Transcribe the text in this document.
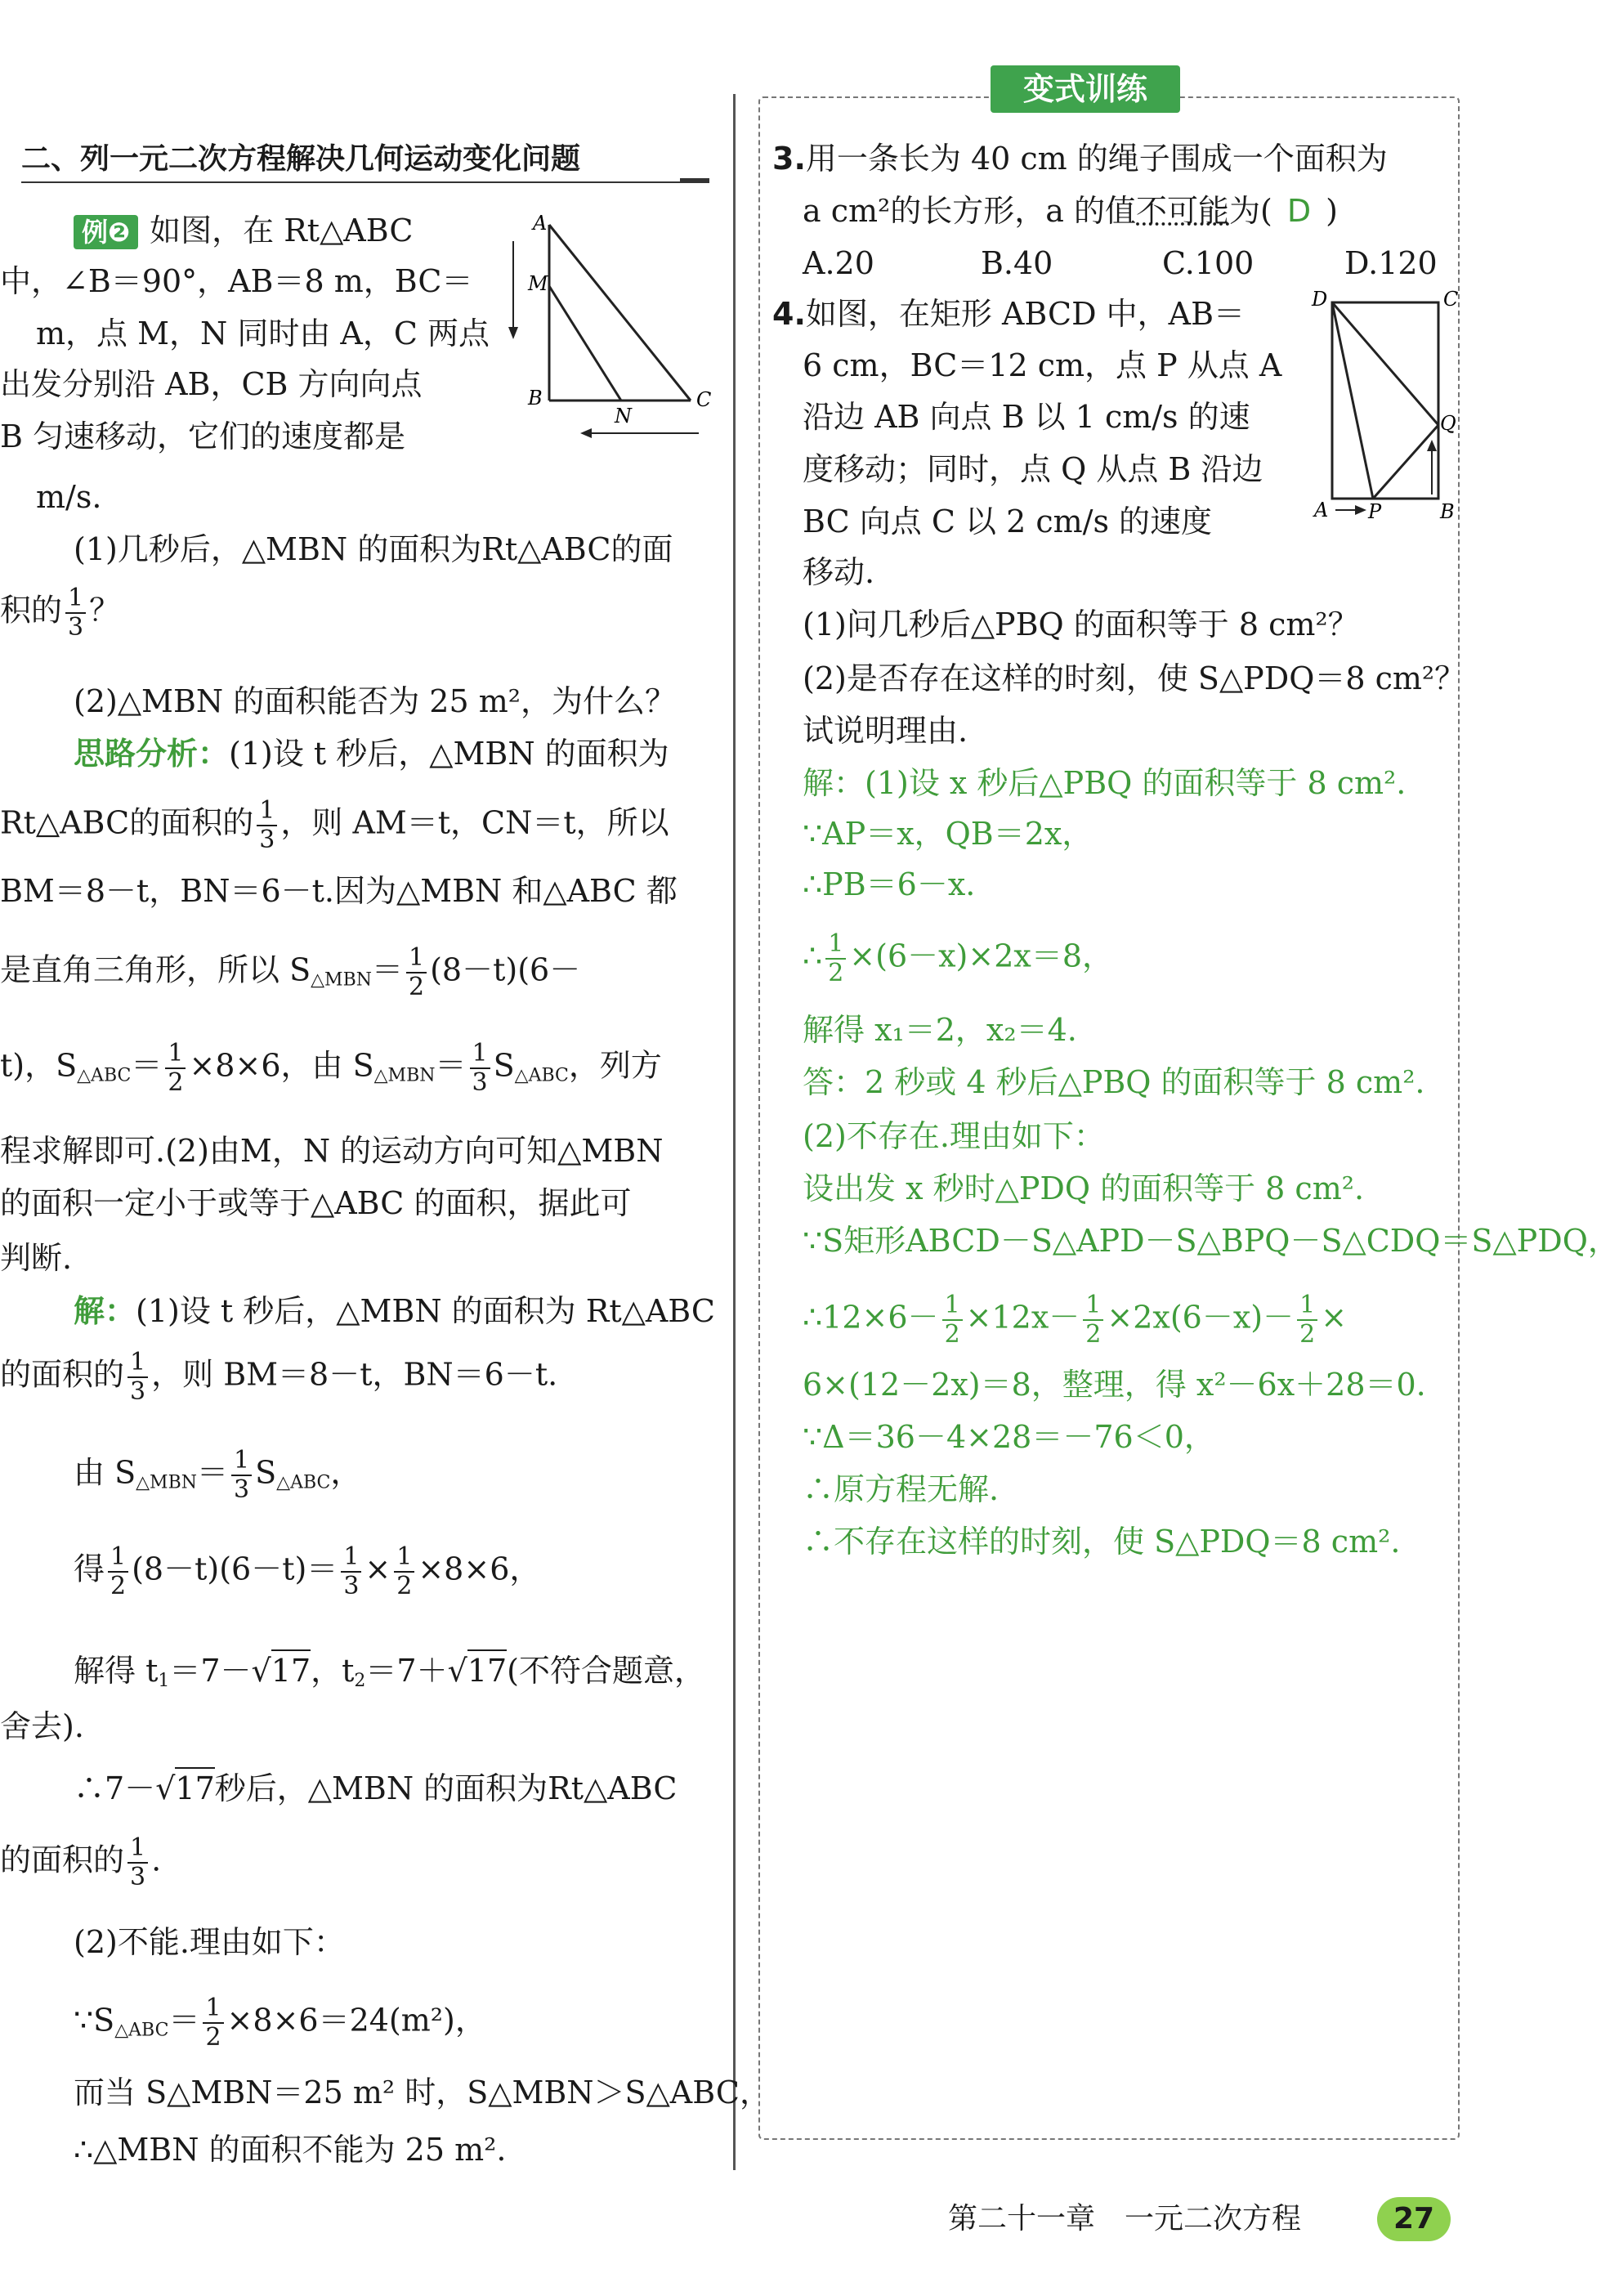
变式训练
二、列一元二次方程解决几何运动变化问题
例❷ 如图，在 Rt△ABC
中，∠B＝90°，AB＝8 m，BC＝
m，点 M，N 同时由 A，C 两点
出发分别沿 AB，CB 方向向点
B 匀速移动，它们的速度都是
m/s.
A
M
B
N
C
(1)几秒后，△MBN 的面积为Rt△ABC的面
积的 $\frac{1}{3}$ ？
(2)△MBN 的面积能否为 25 m²，为什么？
思路分析：(1)设 t 秒后，△MBN 的面积为
Rt△ABC的面积的 $\frac{1}{3}$ ，则 AM＝t，CN＝t，所以
BM＝8－t，BN＝6－t.因为△MBN 和△ABC 都
是直角三角形，所以 $S_{\triangle MBN}= \frac{1}{2} (8-t)(6-$
t)，$S_{\triangle ABC}= \frac{1}{2} \times 8\times 6$，由 $S_{\triangle MBN}= \frac{1}{3} S_{\triangle ABC}$，列方
程求解即可.(2)由M，N 的运动方向可知△MBN
的面积一定小于或等于△ABC 的面积，据此可
判断.
解：(1)设 t 秒后，△MBN 的面积为 Rt△ABC
的面积的 $\frac{1}{3}$ ，则 BM＝8－t，BN＝6－t.
由 $S_{\triangle MBN}= \frac{1}{3} S_{\triangle ABC}$，
得 $\frac{1}{2} (8-t)(6-t)= \frac{1}{3} \times \frac{1}{2} \times 8\times 6$，
解得 $t_1=7-√17$，$t_2=7+√17$(不符合题意，
舍去).
∴7－√17秒后，△MBN 的面积为Rt△ABC
的面积的 $\frac{1}{3}$ .
(2)不能.理由如下：
$\because S_{\triangle ABC}= \frac{1}{2} \times 8\times 6=24(m^2)$，
而当 S△MBN＝25 m² 时，S△MBN＞S△ABC，
∴△MBN 的面积不能为 25 m².
3.用一条长为 40 cm 的绳子围成一个面积为
a cm²的长方形，a 的值不可能为( D )
A.20	B.40	C.100	D.120
4.如图，在矩形 ABCD 中，AB＝
6 cm，BC＝12 cm，点 P 从点 A
沿边 AB 向点 B 以 1 cm/s 的速
度移动；同时，点 Q 从点 B 沿边
BC 向点 C 以 2 cm/s 的速度
移动.
D	C
Q
A P	B
(1)问几秒后△PBQ 的面积等于 8 cm²？
(2)是否存在这样的时刻，使 S△PDQ＝8 cm²？
试说明理由.
解：(1)设 x 秒后△PBQ 的面积等于 8 cm².
∵AP＝x，QB＝2x，
∴PB＝6－x.
∴ $\frac{1}{2} \times(6-x)\times 2x=8$，
解得 x₁＝2，x₂＝4.
答：2 秒或 4 秒后△PBQ 的面积等于 8 cm².
(2)不存在.理由如下：
设出发 x 秒时△PDQ 的面积等于 8 cm².
∵S矩形ABCD－S△APD－S△BPQ－S△CDQ＝S△PDQ，
∴12×6－ $\frac{1}{2} \times 12x- \frac{1}{2} \times 2x(6-x)- \frac{1}{2}$ ×
6×(12－2x)＝8，整理，得 x²－6x＋28＝0.
∵Δ＝36－4×28＝－76＜0，
∴原方程无解.
∴不存在这样的时刻，使 S△PDQ＝8 cm².
第二十一章　一元二次方程	27
